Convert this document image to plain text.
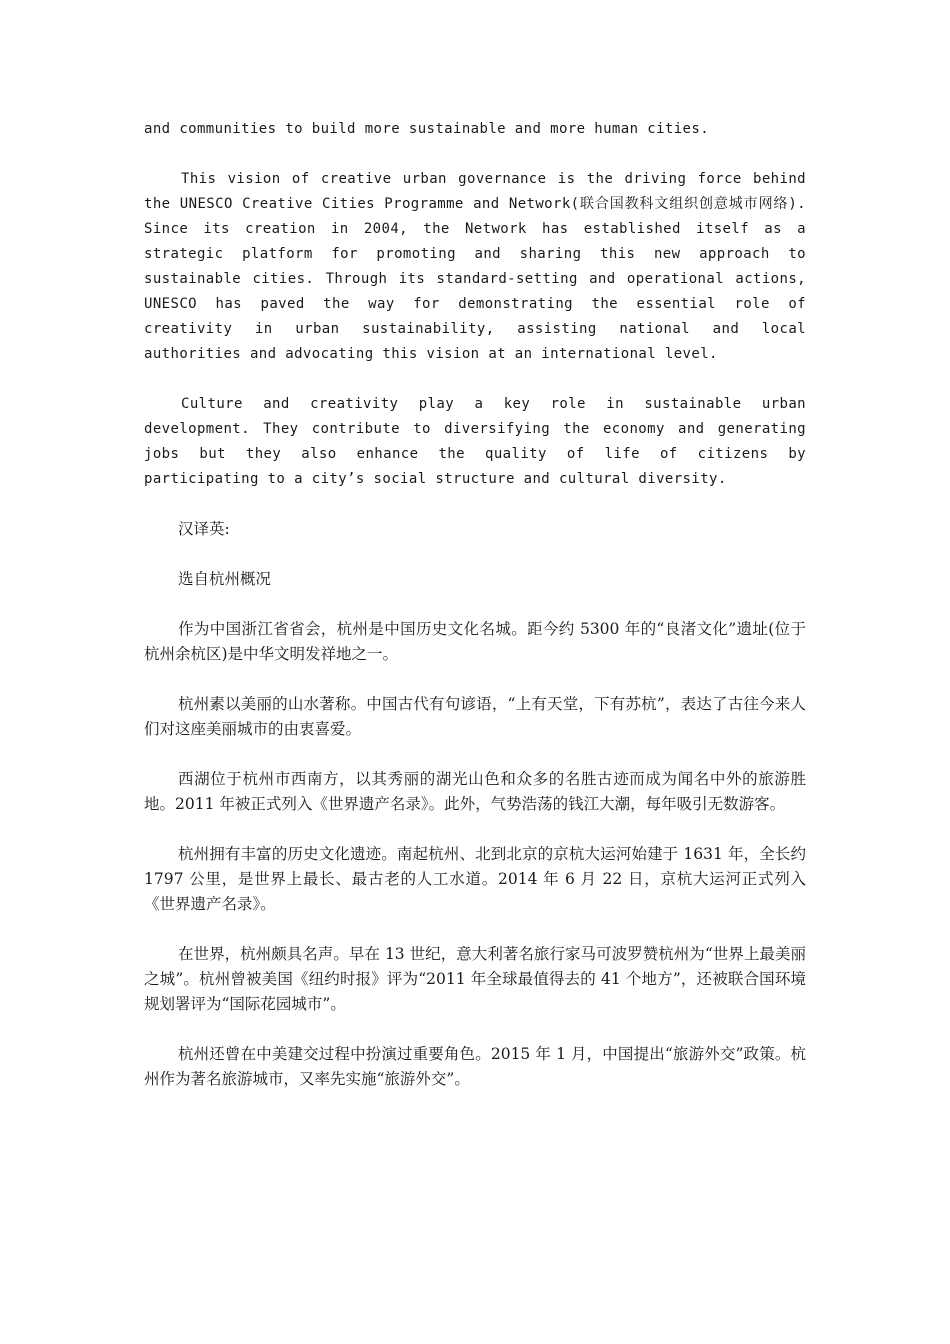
and communities to build more sustainable and more human cities.

This vision of creative urban governance is the driving force behind the UNESCO Creative Cities Programme and Network(联合国教科文组织创意城市网络). Since its creation in 2004, the Network has established itself as a strategic platform for promoting and sharing this new approach to sustainable cities. Through its standard-setting and operational actions, UNESCO has paved the way for demonstrating the essential role of creativity in urban sustainability, assisting national and local authorities and advocating this vision at an international level.

Culture and creativity play a key role in sustainable urban development. They contribute to diversifying the economy and generating jobs but they also enhance the quality of life of citizens by participating to a city’s social structure and cultural diversity.

汉译英:

选自杭州概况

作为中国浙江省省会，杭州是中国历史文化名城。距今约 5300 年的“良渚文化”遗址(位于杭州余杭区)是中华文明发祥地之一。

杭州素以美丽的山水著称。中国古代有句谚语，“上有天堂，下有苏杭”，表达了古往今来人们对这座美丽城市的由衷喜爱。

西湖位于杭州市西南方，以其秀丽的湖光山色和众多的名胜古迹而成为闻名中外的旅游胜地。2011 年被正式列入《世界遗产名录》。此外，气势浩荡的钱江大潮，每年吸引无数游客。

杭州拥有丰富的历史文化遗迹。南起杭州、北到北京的京杭大运河始建于 1631 年，全长约 1797 公里，是世界上最长、最古老的人工水道。2014 年 6 月 22 日，京杭大运河正式列入《世界遗产名录》。

在世界，杭州颇具名声。早在 13 世纪，意大利著名旅行家马可波罗赞杭州为“世界上最美丽之城”。杭州曾被美国《纽约时报》评为“2011 年全球最值得去的 41 个地方”，还被联合国环境规划署评为“国际花园城市”。

杭州还曾在中美建交过程中扮演过重要角色。2015 年 1 月，中国提出“旅游外交”政策。杭州作为著名旅游城市，又率先实施“旅游外交”。
